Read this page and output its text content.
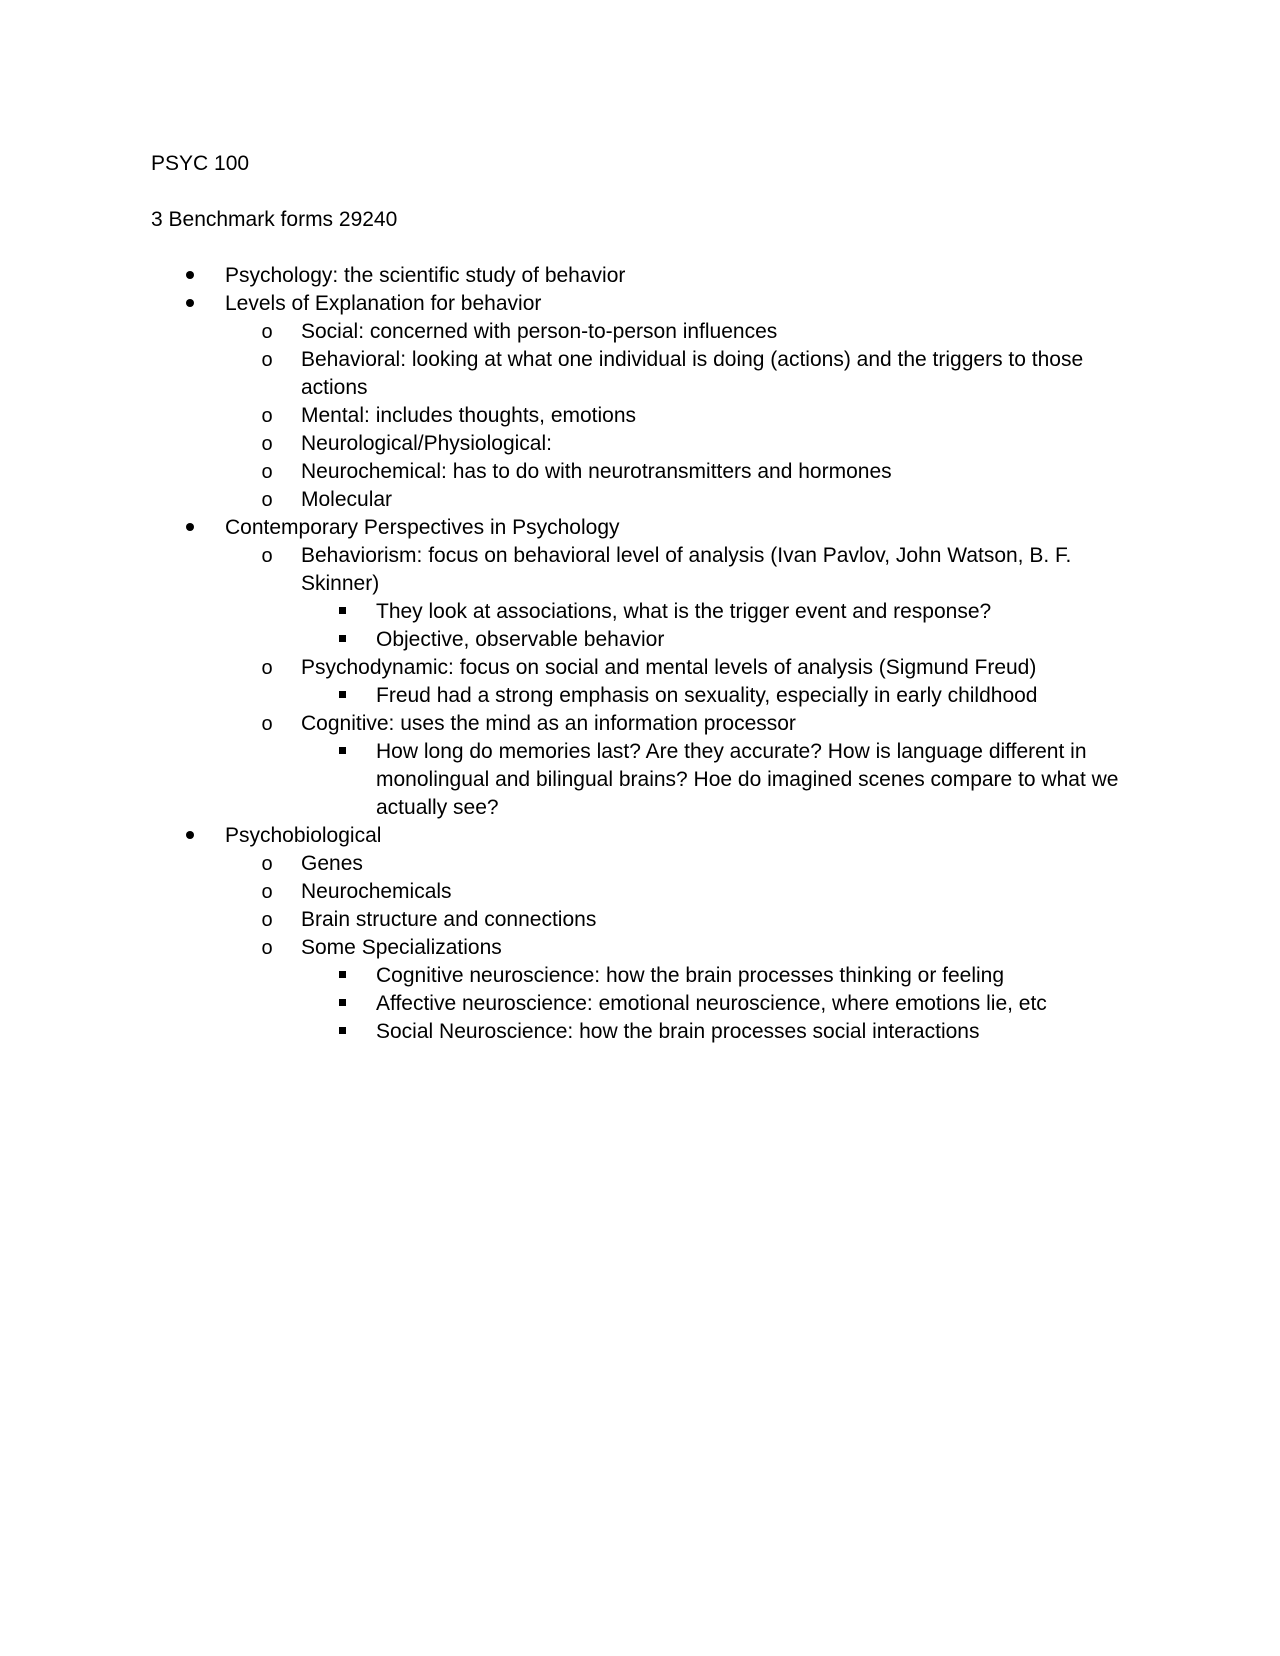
PSYC 100

3 Benchmark forms 29240

Psychology: the scientific study of behavior
Levels of Explanation for behavior
o	Social: concerned with person-to-person influences
o	Behavioral: looking at what one individual is doing (actions) and the triggers to those actions
o	Mental: includes thoughts, emotions
o	Neurological/Physiological:
o	Neurochemical: has to do with neurotransmitters and hormones
o	Molecular
Contemporary Perspectives in Psychology
o	Behaviorism: focus on behavioral level of analysis (Ivan Pavlov, John Watson, B. F. Skinner)
They look at associations, what is the trigger event and response?
Objective, observable behavior
o	Psychodynamic: focus on social and mental levels of analysis (Sigmund Freud)
Freud had a strong emphasis on sexuality, especially in early childhood
o	Cognitive: uses the mind as an information processor
How long do memories last? Are they accurate? How is language different in monolingual and bilingual brains? Hoe do imagined scenes compare to what we actually see?
Psychobiological
o	Genes
o	Neurochemicals
o	Brain structure and connections
o	Some Specializations
Cognitive neuroscience: how the brain processes thinking or feeling
Affective neuroscience: emotional neuroscience, where emotions lie, etc
Social Neuroscience: how the brain processes social interactions
